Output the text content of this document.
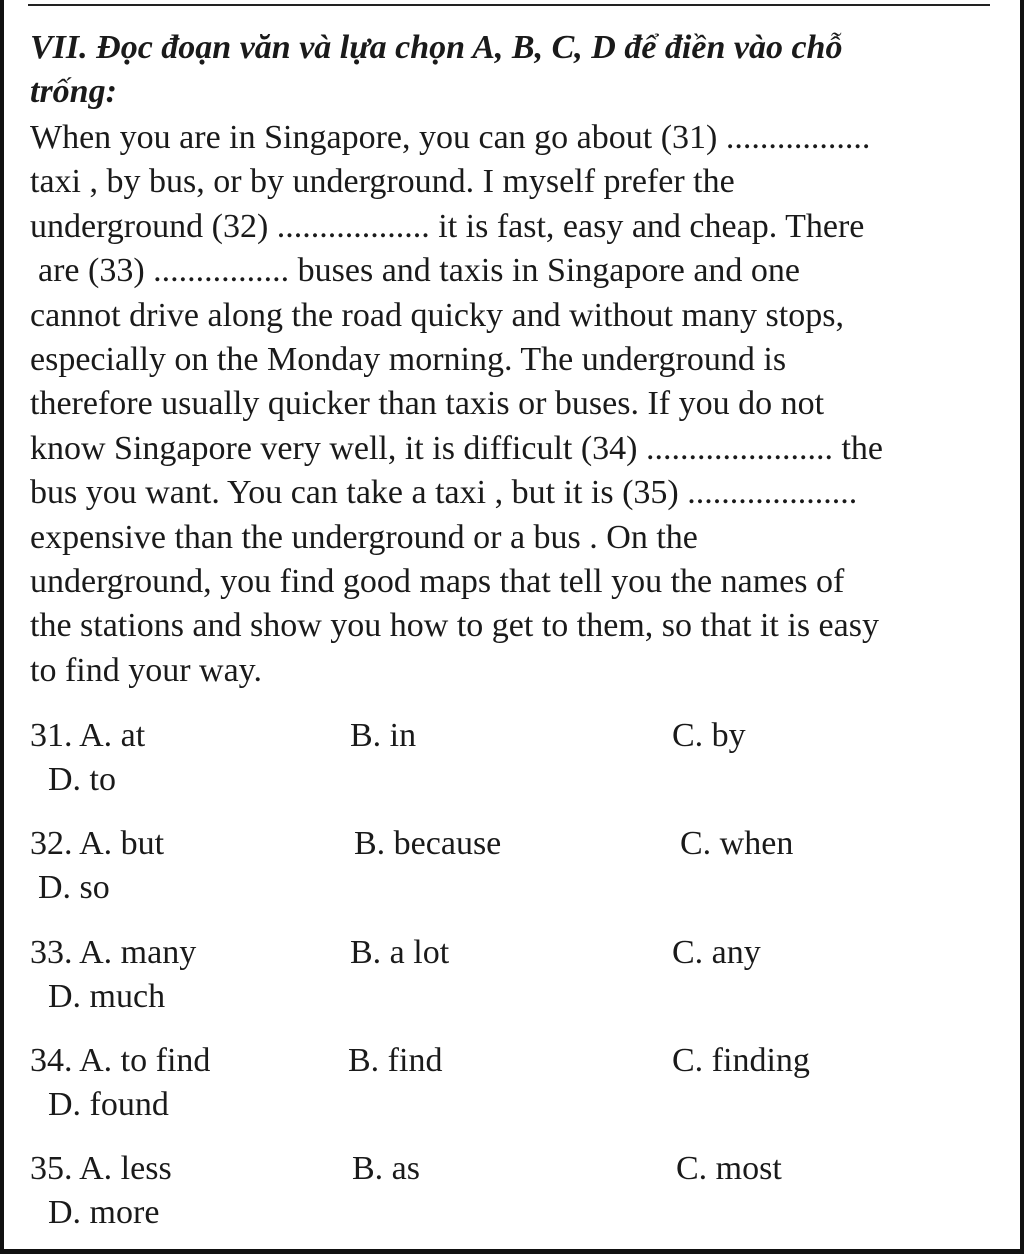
VII. Đọc đoạn văn và lựa chọn A, B, C, D để điền vào chỗ
trống:
When you are in Singapore, you can go about (31) .................
taxi , by bus, or by underground. I myself prefer the
underground (32) .................. it is fast, easy and cheap. There
are (33) ................ buses and taxis in Singapore and one
cannot drive along the road quicky and without many stops,
especially on the Monday morning. The underground is
therefore usually quicker than taxis or buses. If you do not
know Singapore very well, it is difficult (34) ...................... the
bus you want. You can take a taxi , but it is (35) ....................
expensive than the underground or a bus . On the
underground, you find good maps that tell you the names of
the stations and show you how to get to them, so that it is easy
to find your way.
31. A. at	B. in	C. by
D. to
32. A. but	B. because	C. when
D. so
33. A. many	B. a lot	C. any
D. much
34. A. to find	B. find	C. finding
D. found
35. A. less	B. as	C. most
D. more
